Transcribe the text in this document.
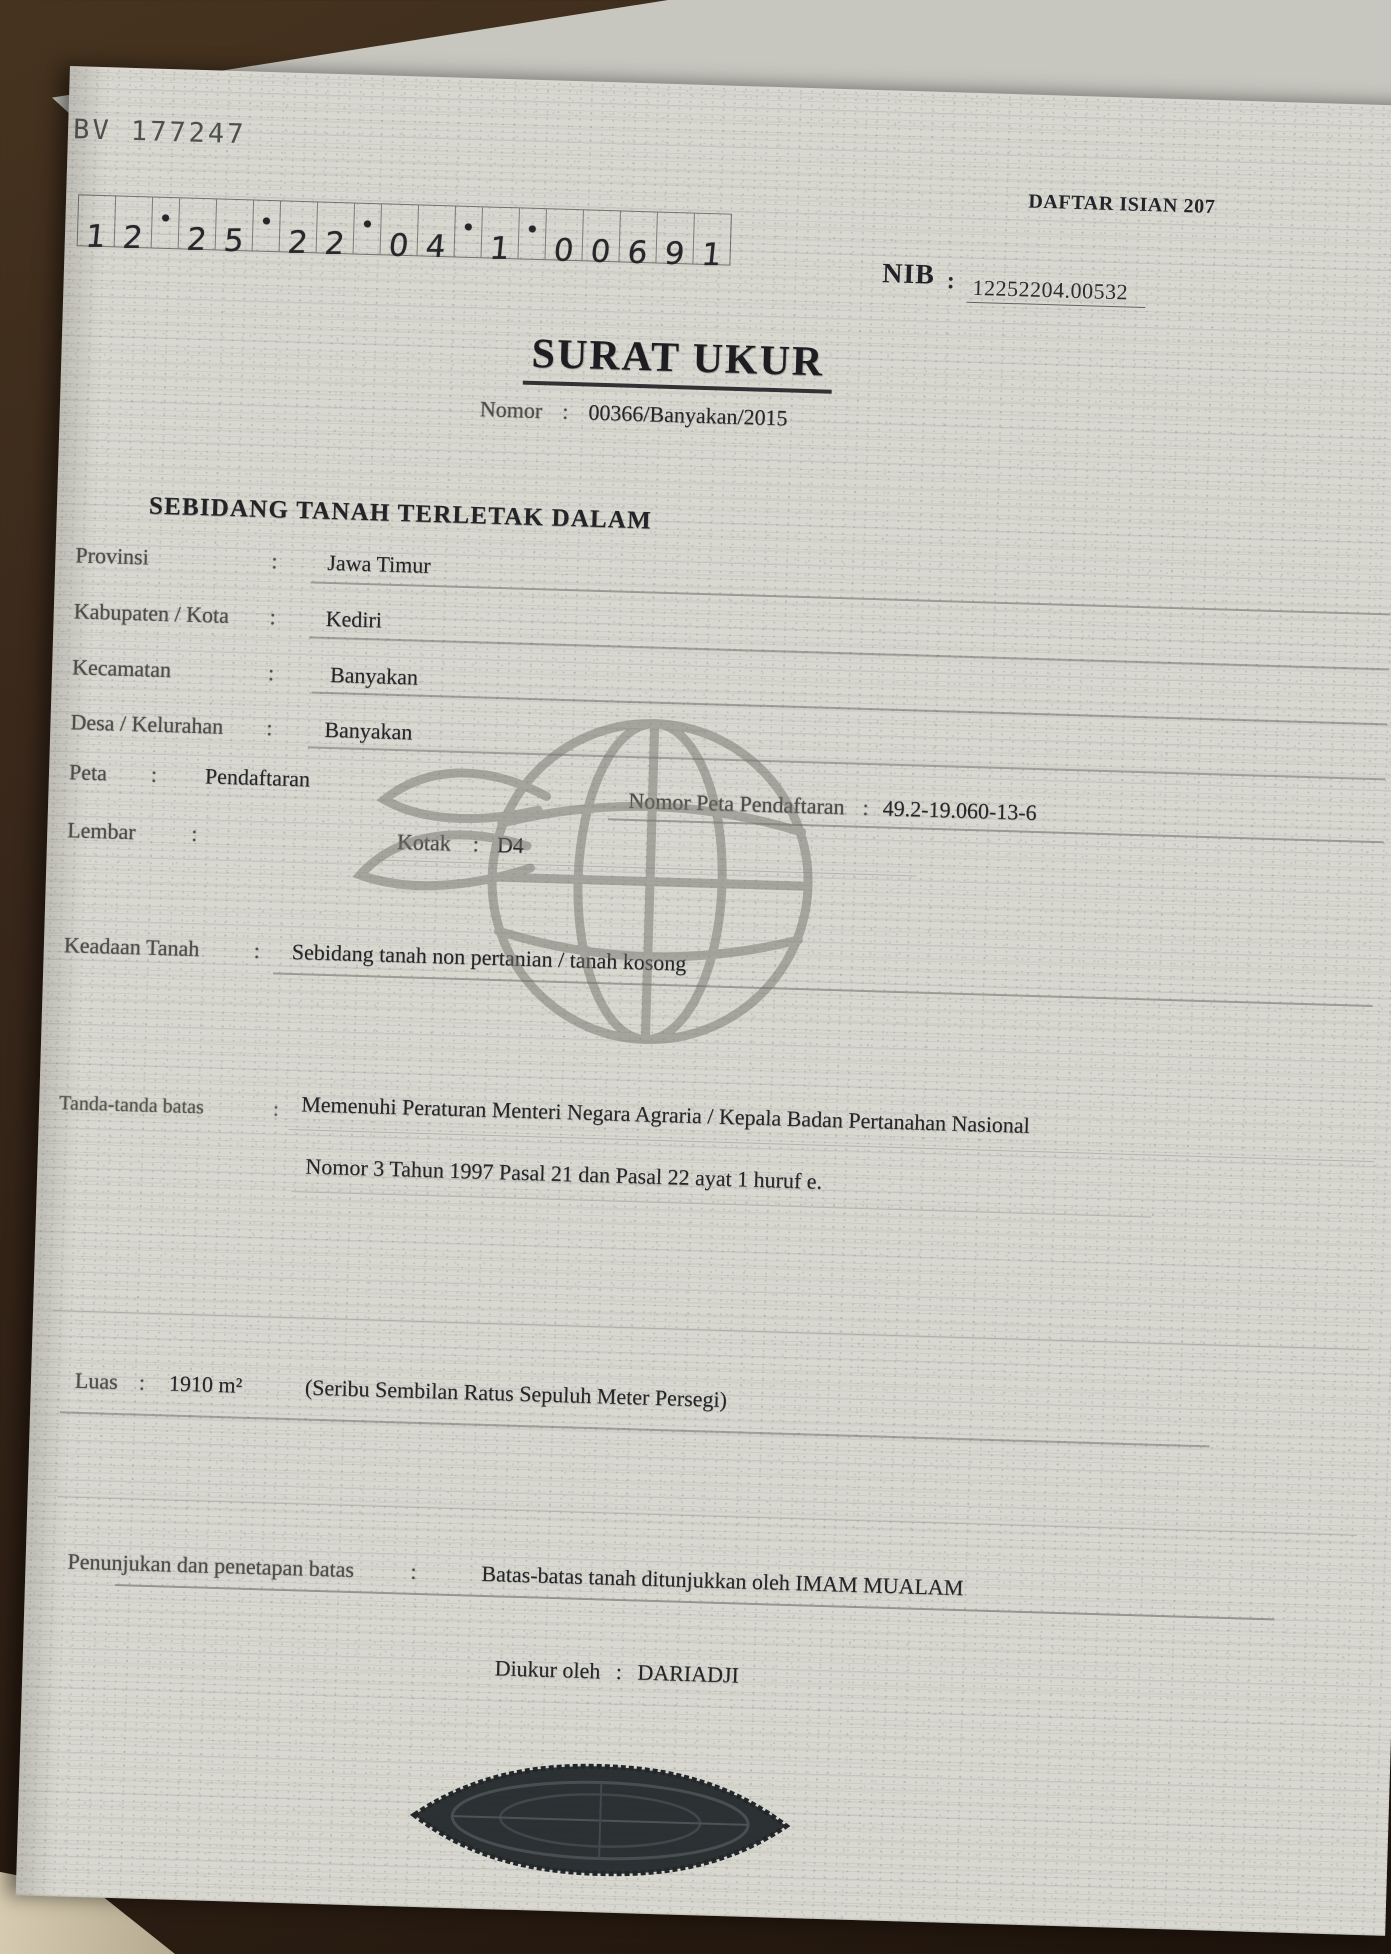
BV 177247
1 2
•
2 5
•
2 2
•
0 4
•
1
•
0 0 6 9 1
DAFTAR ISIAN 207
NIB : 12252204.00532
SURAT UKUR
Nomor : 00366/Banyakan/2015
SEBIDANG TANAH TERLETAK DALAM
Provinsi	: Jawa Timur
Kabupaten / Kota : Kediri
Kecamatan	:	Banyakan
Desa / Kelurahan : Banyakan
Peta : Pendaftaran
Nomor Peta Pendaftaran : 49.2-19.060-13-6
Lembar :	Kotak : D4
Keadaan Tanah : Sebidang tanah non pertanian / tanah kosong
Tanda-tanda batas	: Memenuhi Peraturan Menteri Negara Agraria / Kepala Badan Pertanahan Nasional
Nomor 3 Tahun 1997 Pasal 21 dan Pasal 22 ayat 1 huruf e.
Luas : 1910 m²	(Seribu Sembilan Ratus Sepuluh Meter Persegi)
Penunjukan dan penetapan batas	:	Batas-batas tanah ditunjukkan oleh IMAM MUALAM
Diukur oleh : DARIADJI
